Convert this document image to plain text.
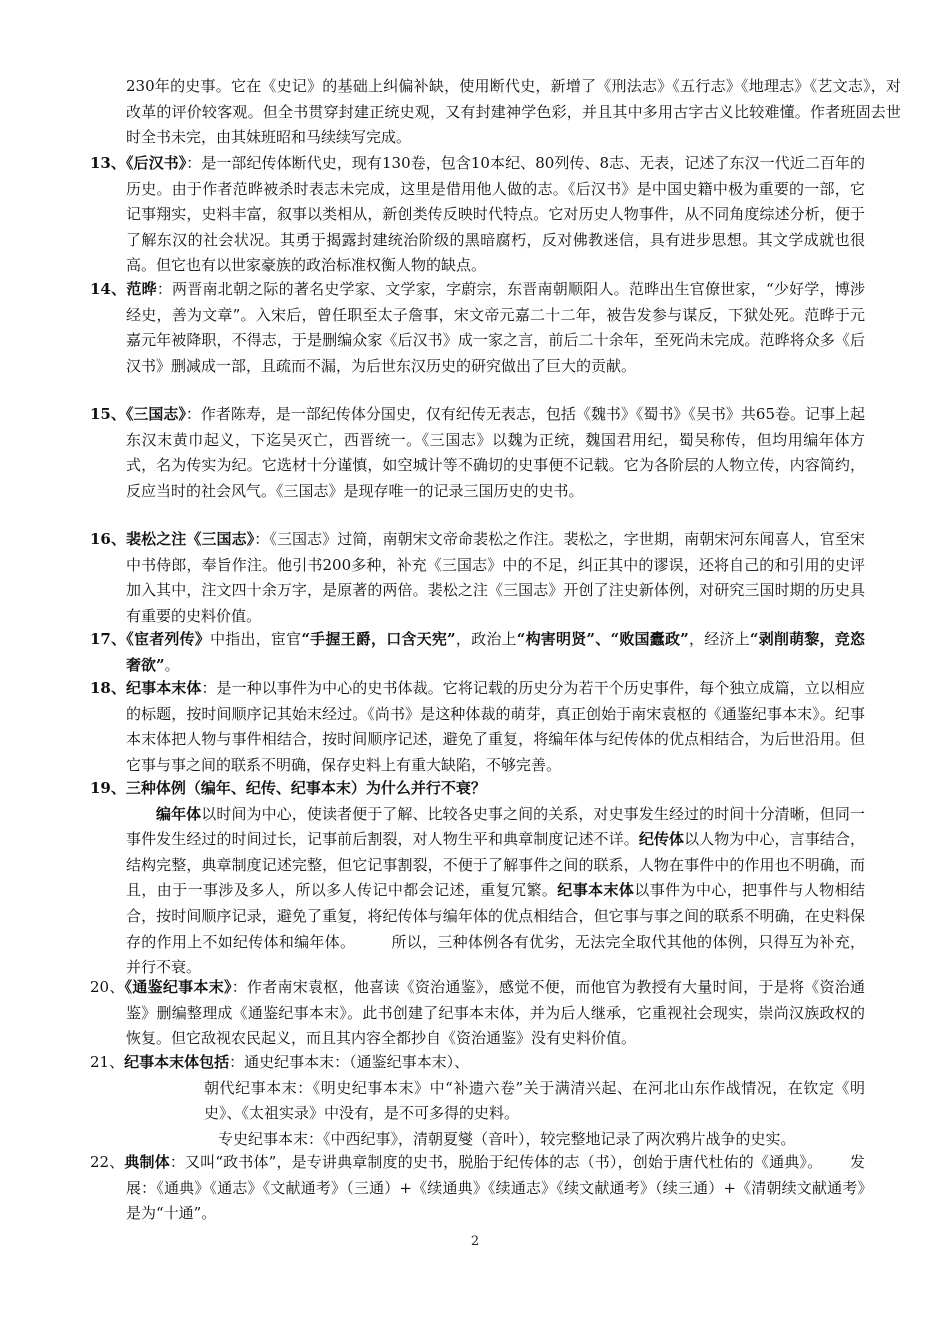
230年的史事。它在《史记》的基础上纠偏补缺，使用断代史，新增了《刑法志》《五行志》《地理志》《艺文志》，对改革的评价较客观。但全书贯穿封建正统史观，又有封建神学色彩，并且其中多用古字古义比较难懂。作者班固去世时全书未完，由其妹班昭和马续续写完成。
13、《后汉书》：是一部纪传体断代史，现有130卷，包含10本纪、80列传、8志、无表，记述了东汉一代近二百年的历史。由于作者范晔被杀时表志未完成，这里是借用他人做的志。《后汉书》是中国史籍中极为重要的一部，它记事翔实，史料丰富，叙事以类相从，新创类传反映时代特点。它对历史人物事件，从不同角度综述分析，便于了解东汉的社会状况。其勇于揭露封建统治阶级的黑暗腐朽，反对佛教迷信，具有进步思想。其文学成就也很高。但它也有以世家豪族的政治标准权衡人物的缺点。
14、范晔：两晋南北朝之际的著名史学家、文学家，字蔚宗，东晋南朝顺阳人。范晔出生官僚世家，“少好学，博涉经史，善为文章”。入宋后，曾任职至太子詹事，宋文帝元嘉二十二年，被告发参与谋反，下狱处死。范晔于元嘉元年被降职，不得志，于是删编众家《后汉书》成一家之言，前后二十余年，至死尚未完成。范晔将众多《后汉书》删减成一部，且疏而不漏，为后世东汉历史的研究做出了巨大的贡献。
15、《三国志》：作者陈寿，是一部纪传体分国史，仅有纪传无表志，包括《魏书》《蜀书》《吴书》共65卷。记事上起东汉末黄巾起义，下迄吴灭亡，西晋统一。《三国志》以魏为正统，魏国君用纪，蜀吴称传，但均用编年体方式，名为传实为纪。它选材十分谨慎，如空城计等不确切的史事便不记载。它为各阶层的人物立传，内容简约，反应当时的社会风气。《三国志》是现存唯一的记录三国历史的史书。
16、裴松之注《三国志》：《三国志》过简，南朝宋文帝命裴松之作注。裴松之，字世期，南朝宋河东闻喜人，官至宋中书侍郎，奉旨作注。他引书200多种，补充《三国志》中的不足，纠正其中的谬误，还将自己的和引用的史评加入其中，注文四十余万字，是原著的两倍。裴松之注《三国志》开创了注史新体例，对研究三国时期的历史具有重要的史料价值。
17、《宦者列传》中指出，宦官“手握王爵，口含天宪”，政治上“构害明贤”、“败国蠹政”，经济上“剥削萌黎，竞恣奢欲”。
18、纪事本末体：是一种以事件为中心的史书体裁。它将记载的历史分为若干个历史事件，每个独立成篇，立以相应的标题，按时间顺序记其始末经过。《尚书》是这种体裁的萌芽，真正创始于南宋袁枢的《通鉴纪事本末》。纪事本末体把人物与事件相结合，按时间顺序记述，避免了重复，将编年体与纪传体的优点相结合，为后世沿用。但它事与事之间的联系不明确，保存史料上有重大缺陷，不够完善。
19、三种体例（编年、纪传、纪事本末）为什么并行不衰？
编年体以时间为中心，使读者便于了解、比较各史事之间的关系，对史事发生经过的时间十分清晰，但同一事件发生经过的时间过长，记事前后割裂，对人物生平和典章制度记述不详。纪传体以人物为中心，言事结合，结构完整，典章制度记述完整，但它记事割裂，不便于了解事件之间的联系，人物在事件中的作用也不明确，而且，由于一事涉及多人，所以多人传记中都会记述，重复冗繁。纪事本末体以事件为中心，把事件与人物相结合，按时间顺序记录，避免了重复，将纪传体与编年体的优点相结合，但它事与事之间的联系不明确，在史料保存的作用上不如纪传体和编年体。 所以，三种体例各有优劣，无法完全取代其他的体例，只得互为补充，并行不衰。
20、《通鉴纪事本末》：作者南宋袁枢，他喜读《资治通鉴》，感觉不便，而他官为教授有大量时间，于是将《资治通鉴》删编整理成《通鉴纪事本末》。此书创建了纪事本末体，并为后人继承，它重视社会现实，崇尚汉族政权的恢复。但它敌视农民起义，而且其内容全都抄自《资治通鉴》没有史料价值。
21、纪事本末体包括：通史纪事本末：（通鉴纪事本末）、
朝代纪事本末：《明史纪事本末》中“补遗六卷”关于满清兴起、在河北山东作战情况，在钦定《明史》、《太祖实录》中没有，是不可多得的史料。
专史纪事本末：《中西纪事》，清朝夏燮（音叶），较完整地记录了两次鸦片战争的史实。
22、典制体：又叫“政书体”，是专讲典章制度的史书，脱胎于纪传体的志（书），创始于唐代杜佑的《通典》。　　 发展：《通典》《通志》《文献通考》（三通）+《续通典》《续通志》《续文献通考》（续三通）+《清朝续文献通考》　是为“十通”。
2
